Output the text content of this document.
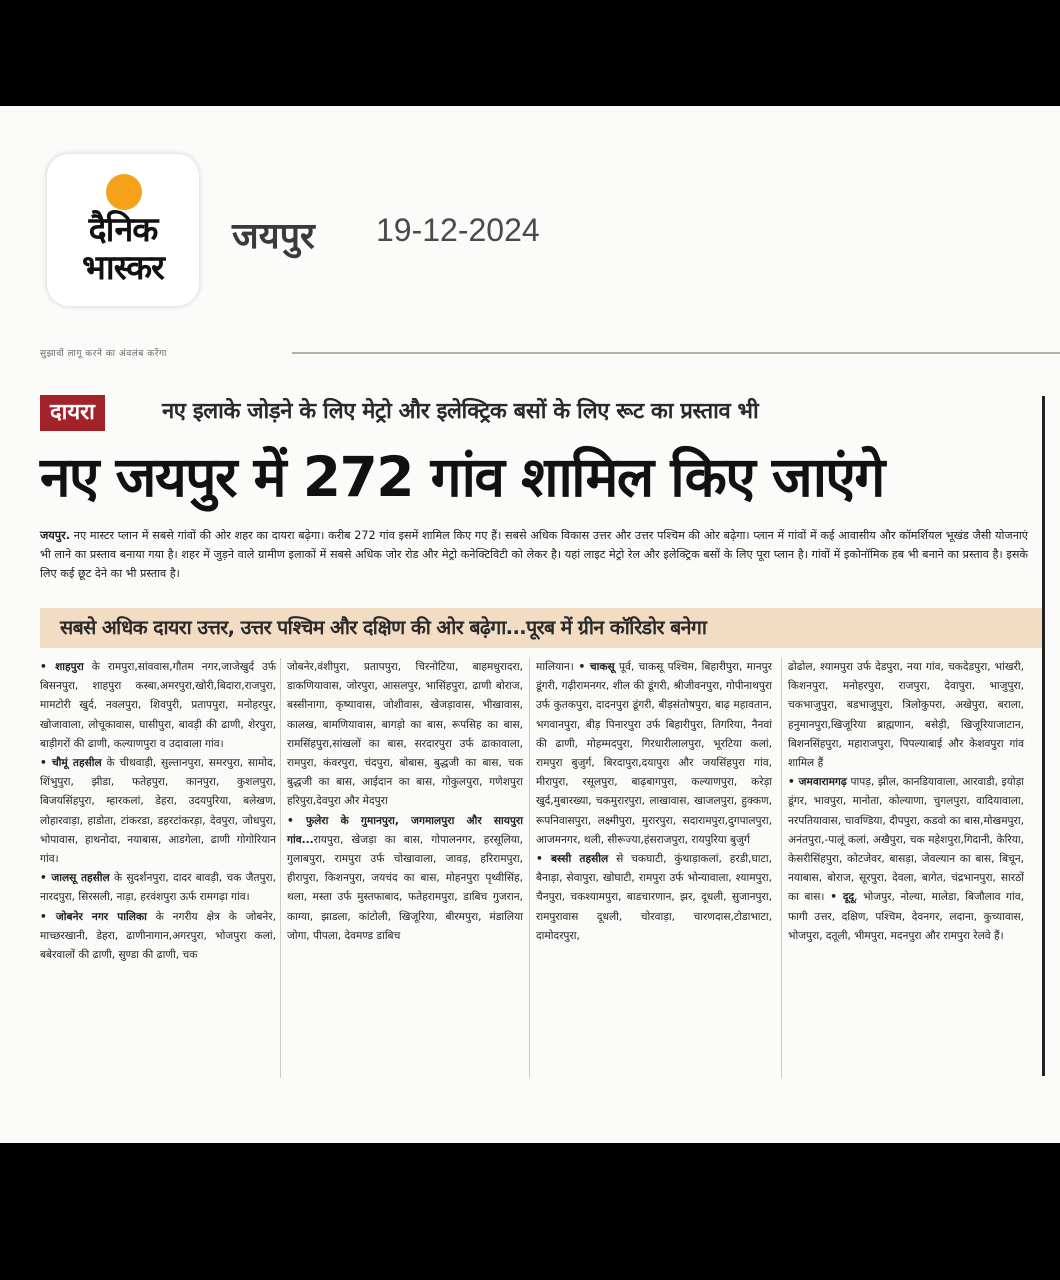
दैनिक
भास्कर
जयपुर 19-12-2024
सुझावों लागू करने का अंवलंब करेंगा
दायरा	नए इलाके जोड़ने के लिए मेट्रो और इलेक्ट्रिक बसों के लिए रूट का प्रस्ताव भी
नए जयपुर में 272 गांव शामिल किए जाएंगे
जयपुर. नए मास्टर प्लान में सबसे गांवों की ओर शहर का दायरा बढ़ेगा। करीब 272 गांव इसमें शामिल किए गए हैं। सबसे अधिक विकास उत्तर और उत्तर पश्चिम की ओर बढ़ेगा। प्लान में गांवों में कई आवासीय और कॉमर्शियल भूखंड जैसी योजनाएं भी लाने का प्रस्ताव बनाया गया है। शहर में जुड़ने वाले ग्रामीण इलाकों में सबसे अधिक जोर रोड और मेट्रो कनेक्टिविटी को लेकर है। यहां लाइट मेट्रो रेल और इलेक्ट्रिक बसों के लिए पूरा प्लान है। गांवों में इकोनॉमिक हब भी बनाने का प्रस्ताव है। इसके लिए कई छूट देने का भी प्रस्ताव है।
सबसे अधिक दायरा उत्तर, उत्तर पश्चिम और दक्षिण की ओर बढ़ेगा...पूरब में ग्रीन कॉरिडोर बनेगा

• शाहपुरा के रामपुरा,सांववास,गौतम नगर,जाजेखुर्द उर्फ बिसनपुरा, शाहपुरा कस्बा,अमरपुरा,खोरी,बिदारा,राजपुरा, मामटोरी खुर्द, नवलपुरा, शिवपुरी, प्रतापपुरा, मनोहरपुर, खोजावाला, लोचूकावास, घासीपुरा, बावड़ी की ढाणी, शेरपुरा, बाड़ीगरों की ढाणी, कल्याणपुरा व उदावाला गांव।

• चौमूं तहसील के चीथवाड़ी, सुल्तानपुरा, समरपुरा, सामोद, शिंभुपुरा, झीडा, फतेहपुरा, कानपुरा, कुशलपुरा, बिजयसिंहपुरा, म्हारकलां, डेहरा, उदयपुरिया, बलेखण, लोहारवाड़ा, हाडोता, टांकरडा, डहरटांकरड़ा, देवपुरा, जोधपुरा, भोपावास, हाथनोदा, नयाबास, आडगेला, ढाणी गोगोरियान गांव।

• जालसू तहसील के सुदर्शनपुरा, दादर बावड़ी, चक जैतपुरा, नारदपुरा, सिरसली, नाड़ा, हरवंशपुरा ऊर्फ रामगढ़ा गांव।

• जोबनेर नगर पालिका के नगरीय क्षेत्र के जोबनेर, माच्छरखानी, डेहरा, ढाणीनागान,अगरपुरा, भोजपुरा कलां, बबेरवालों की ढाणी, सुण्डा की ढाणी, चक

जोबनेर,वंशीपुरा, प्रतापपुरा, चिरनोटिया, बाहमधुरादरा, डाकणियावास, जोरपुरा, आसलपुर, भासिंहपुरा, ढाणी बोराज, बस्सीनागा, कृष्यावास, जोशीवास, खेजड़ावास, भीखावास, कालख, बामणियावास, बागड़ो का बास, रूपसिह का बास, रामसिंहपुरा,सांखलों का बास, सरदारपुरा उर्फ ढाकावाला, रामपुरा, कंवरपुरा, चंदपुरा, बोबास, बुद्धजी का बास, चक बुद्धजी का बास, आईदान का बास, गोकुलपुरा, गणेशपुरा हरिपुरा,देवपुरा और मेदपुरा

• फुलेरा के गुमानपुरा, जगमालपुरा और सायपुरा गांव...रायपुरा, खेजड़ा का बास, गोपालनगर, हरसूलिया, गुलाबपुरा, रामपुरा उर्फ चोखावाला, जावड़, हरिरामपुरा, हीरापुरा, किशनपुरा, जयचंद का बास, मोहनपुरा पृथ्वीसिंह, थला, मस्ता उर्फ मुस्तफाबाद, फतेहरामपुरा, डाबिच गुजरान, काग्या, झाडला, कांटोली, खिजूरिया, बीरमपुरा, मंडालिया जोगा, पीपला, देवमण्ड डाबिच

मालियान। • चाकसू पूर्व, चाकसू पश्चिम, बिहारीपुरा, मानपुर डूंगरी, गढ़ीरामनगर, शील की डूंगरी, श्रीजीवनपुरा, गोपीनाथपुरा उर्फ कुतकपुरा, दादनपुरा डूंगरी, बीड़संतोषपुरा, बाढ़ महावतान, भगवानपुरा, बीड़ पिनारपुरा उर्फ बिहारीपुरा, तिगरिया, नैनवां की ढाणी, मोहम्मदपुरा, गिरधारीलालपुरा, भूरटिया कलां, रामपुरा बुजुर्ग, बिरदापुरा,दयापुरा और जयसिंहपुरा गांव, मीरापुरा, रसूलपुरा, बाढ़बागपुरा, कल्याणपुरा, करेड़ा खुर्द,मुबारख्या, चकमुरारपुरा, लाखावास, खाजलपुरा, हुक्कण, रूपनिवासपुरा, लक्ष्मीपुरा, मुरारपुरा, सदारामपुरा,दुगपालपुरा, आजमनगर, थली, सीरूज्या,हंसराजपुरा, रायपुरिया बुजुर्ग

• बस्सी तहसील से चकघाटी, कुंथाड़ाकलां, हरडी,घाटा, बैनाड़ा, सेवापुरा, खोघाटी, रामपुरा उर्फ भोन्यावाला, श्यामपुरा, चैनपुरा, चकश्यामपुरा, बाडचारणान, झर, दूधली, सुजानपुरा, रामपुरावास दूधली, चोरवाड़ा, चारणदास,टोडाभाटा, दामोदरपुरा,

ढोढोल, श्यामपुरा उर्फ देडपुरा, नया गांव, चकदेडपुरा, भांखरी, किशनपुरा, मनोहरपुरा, राजपुरा, देवापुरा, भाजुपुरा, चकभाजुपुरा, बडभाजुपुरा, त्रिलोकुपरा, अखेपुरा, बराला, हनुमानपुरा,खिजूरिया ब्राह्मणान, बसेड़ी, खिजूरियाजाटान, बिशनसिंहपुरा, महाराजपुरा, पिपल्याबाई और केशवपुरा गांव शामिल हैं

• जमवारामगढ़ पापड़, झील, कानडियावाला, आरवाडी, इयोड़ा डूंगर, भावपुरा, मानोता, कोल्याणा, चुगलपुरा, वादियावाला, नरपतियावास, चावण्डिया, दीपपुरा, कडवो का बास,मोखमपुरा, अनंतपुरा,-पालूं कलां, अखैपुरा, चक महेशपुरा,गिदानी, केरिया, केसरीसिंहपुरा, कोटजेवर, बासड़ा, जेवल्यान का बास, बिचून, नयाबास, बोराज, सूरपुरा, देवला, बागेत, चंद्रभानपुरा, सारठों का बास। • दूदू, भोजपुर, नोल्या, मालेडा, बिजौलाव गांव, फागी उत्तर, दक्षिण, पश्चिम, देवनगर, लदाना, कुच्यावास, भोजपुरा, दतूली, भीमपुरा, मदनपुरा और रामपुरा रेलवे हैं।
